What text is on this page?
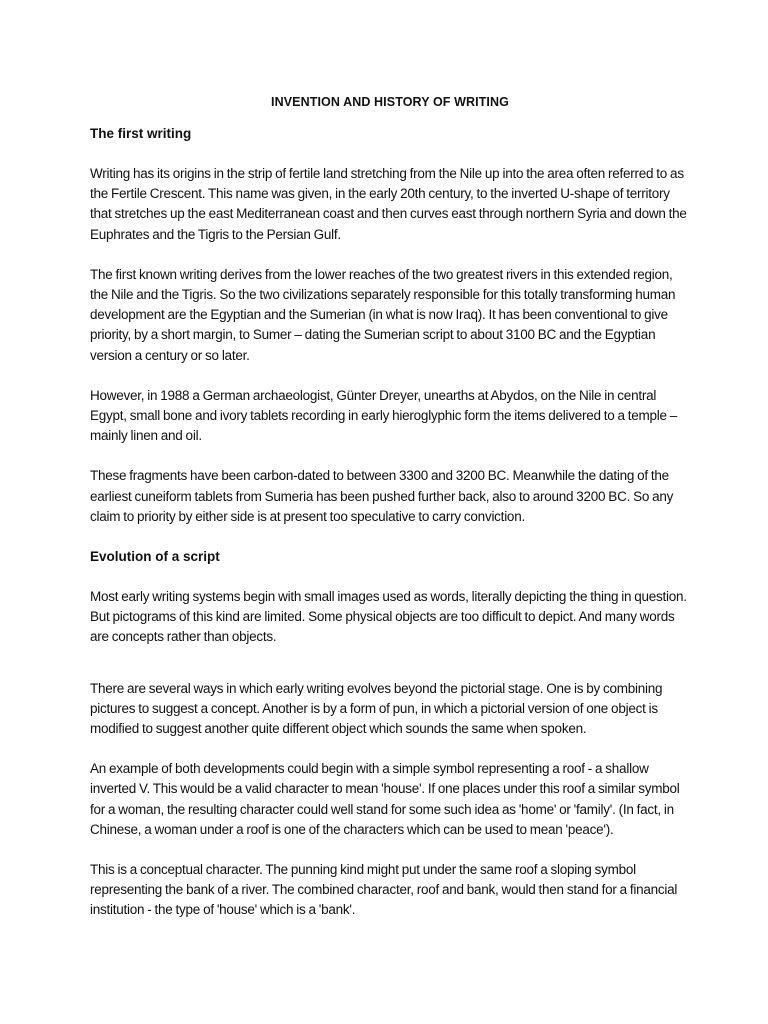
INVENTION AND HISTORY OF WRITING
The first writing

Writing has its origins in the strip of fertile land stretching from the Nile up into the area often referred to as the Fertile Crescent. This name was given, in the early 20th century, to the inverted U-shape of territory that stretches up the east Mediterranean coast and then curves east through northern Syria and down the Euphrates and the Tigris to the Persian Gulf.

The first known writing derives from the lower reaches of the two greatest rivers in this extended region, the Nile and the Tigris. So the two civilizations separately responsible for this totally transforming human development are the Egyptian and the Sumerian (in what is now Iraq). It has been conventional to give priority, by a short margin, to Sumer – dating the Sumerian script to about 3100 BC and the Egyptian version a century or so later.

However, in 1988 a German archaeologist, Günter Dreyer, unearths at Abydos, on the Nile in central Egypt, small bone and ivory tablets recording in early hieroglyphic form the items delivered to a temple – mainly linen and oil.

These fragments have been carbon-dated to between 3300 and 3200 BC. Meanwhile the dating of the earliest cuneiform tablets from Sumeria has been pushed further back, also to around 3200 BC. So any claim to priority by either side is at present too speculative to carry conviction.

Evolution of a script

Most early writing systems begin with small images used as words, literally depicting the thing in question. But pictograms of this kind are limited. Some physical objects are too difficult to depict. And many words are concepts rather than objects.

There are several ways in which early writing evolves beyond the pictorial stage. One is by combining pictures to suggest a concept. Another is by a form of pun, in which a pictorial version of one object is modified to suggest another quite different object which sounds the same when spoken.

An example of both developments could begin with a simple symbol representing a roof - a shallow inverted V. This would be a valid character to mean 'house'. If one places under this roof a similar symbol for a woman, the resulting character could well stand for some such idea as 'home' or 'family'. (In fact, in Chinese, a woman under a roof is one of the characters which can be used to mean 'peace').

This is a conceptual character. The punning kind might put under the same roof a sloping symbol representing the bank of a river. The combined character, roof and bank, would then stand for a financial institution - the type of 'house' which is a 'bank'.
